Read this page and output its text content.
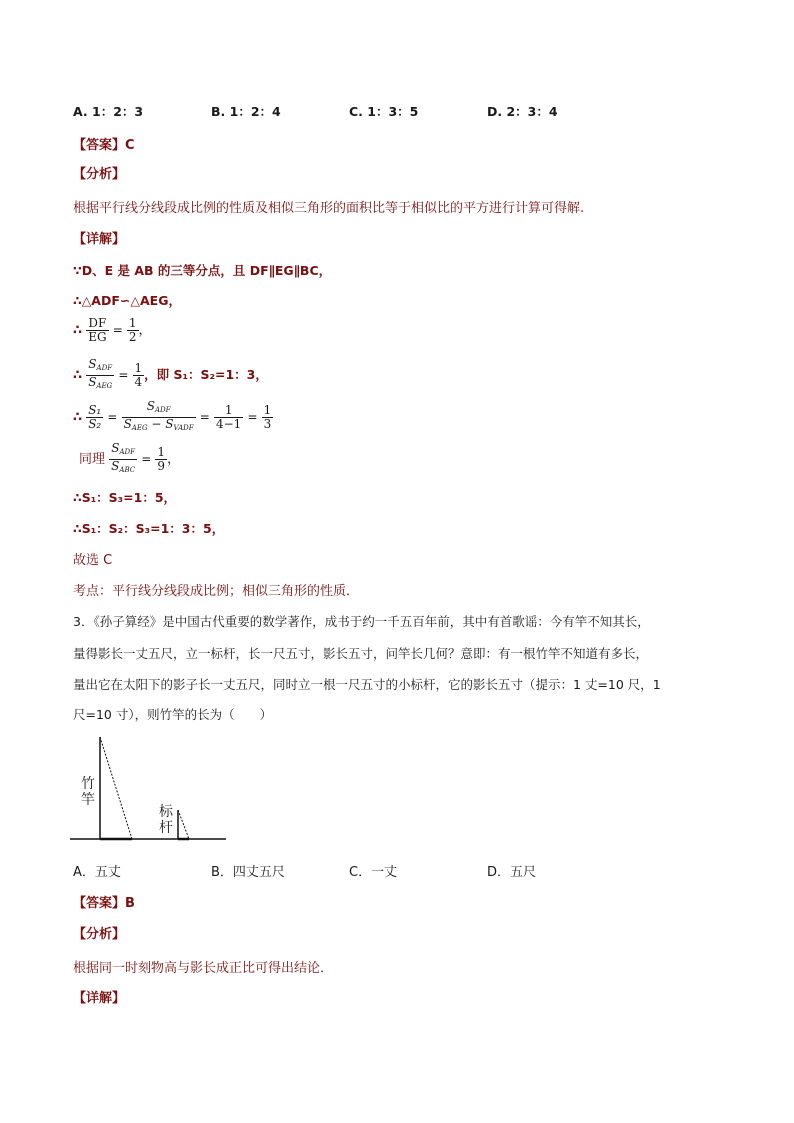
A. 1：2：3	B. 1：2：4	C. 1：3：5	D. 2：3：4
【答案】C
【分析】
根据平行线分线段成比例的性质及相似三角形的面积比等于相似比的平方进行计算可得解.
【详解】
∵D、E 是 AB 的三等分点，且 DF∥EG∥BC，
∴△ADF∽△AEG，
∴ $\frac{DF}{EG} = \frac{1}{2}$ ，
∴ $\frac{S_{ADF}}{S_{AEG}} = \frac{1}{4}$ ，即 S₁：S₂=1：3，
∴ $\frac{\text{S₁}}{\text{S₂}} = \frac{S_{ADF}}{S_{AEG} - S_{VADF}} = \frac{1}{4-1} = \frac{1}{3}$
同理 $\frac{S_{ADF}}{S_{ABC}} = \frac{1}{9}$ ，
∴S₁：S₃=1：5，
∴S₁：S₂：S₃=1：3：5，
故选 C
考点：平行线分线段成比例；相似三角形的性质．
3．《孙子算经》是中国古代重要的数学著作，成书于约一千五百年前，其中有首歌谣：今有竿不知其长，
量得影长一丈五尺，立一标杆，长一尺五寸，影长五寸，问竿长几何？意即：有一根竹竿不知道有多长，
量出它在太阳下的影子长一丈五尺，同时立一根一尺五寸的小标杆，它的影长五寸（提示：1 丈=10 尺，1
尺=10 寸），则竹竿的长为（　　）
竹
竿
标
杆
A．五丈	B．四丈五尺	C．一丈	D．五尺
【答案】B
【分析】
根据同一时刻物高与影长成正比可得出结论．
【详解】
